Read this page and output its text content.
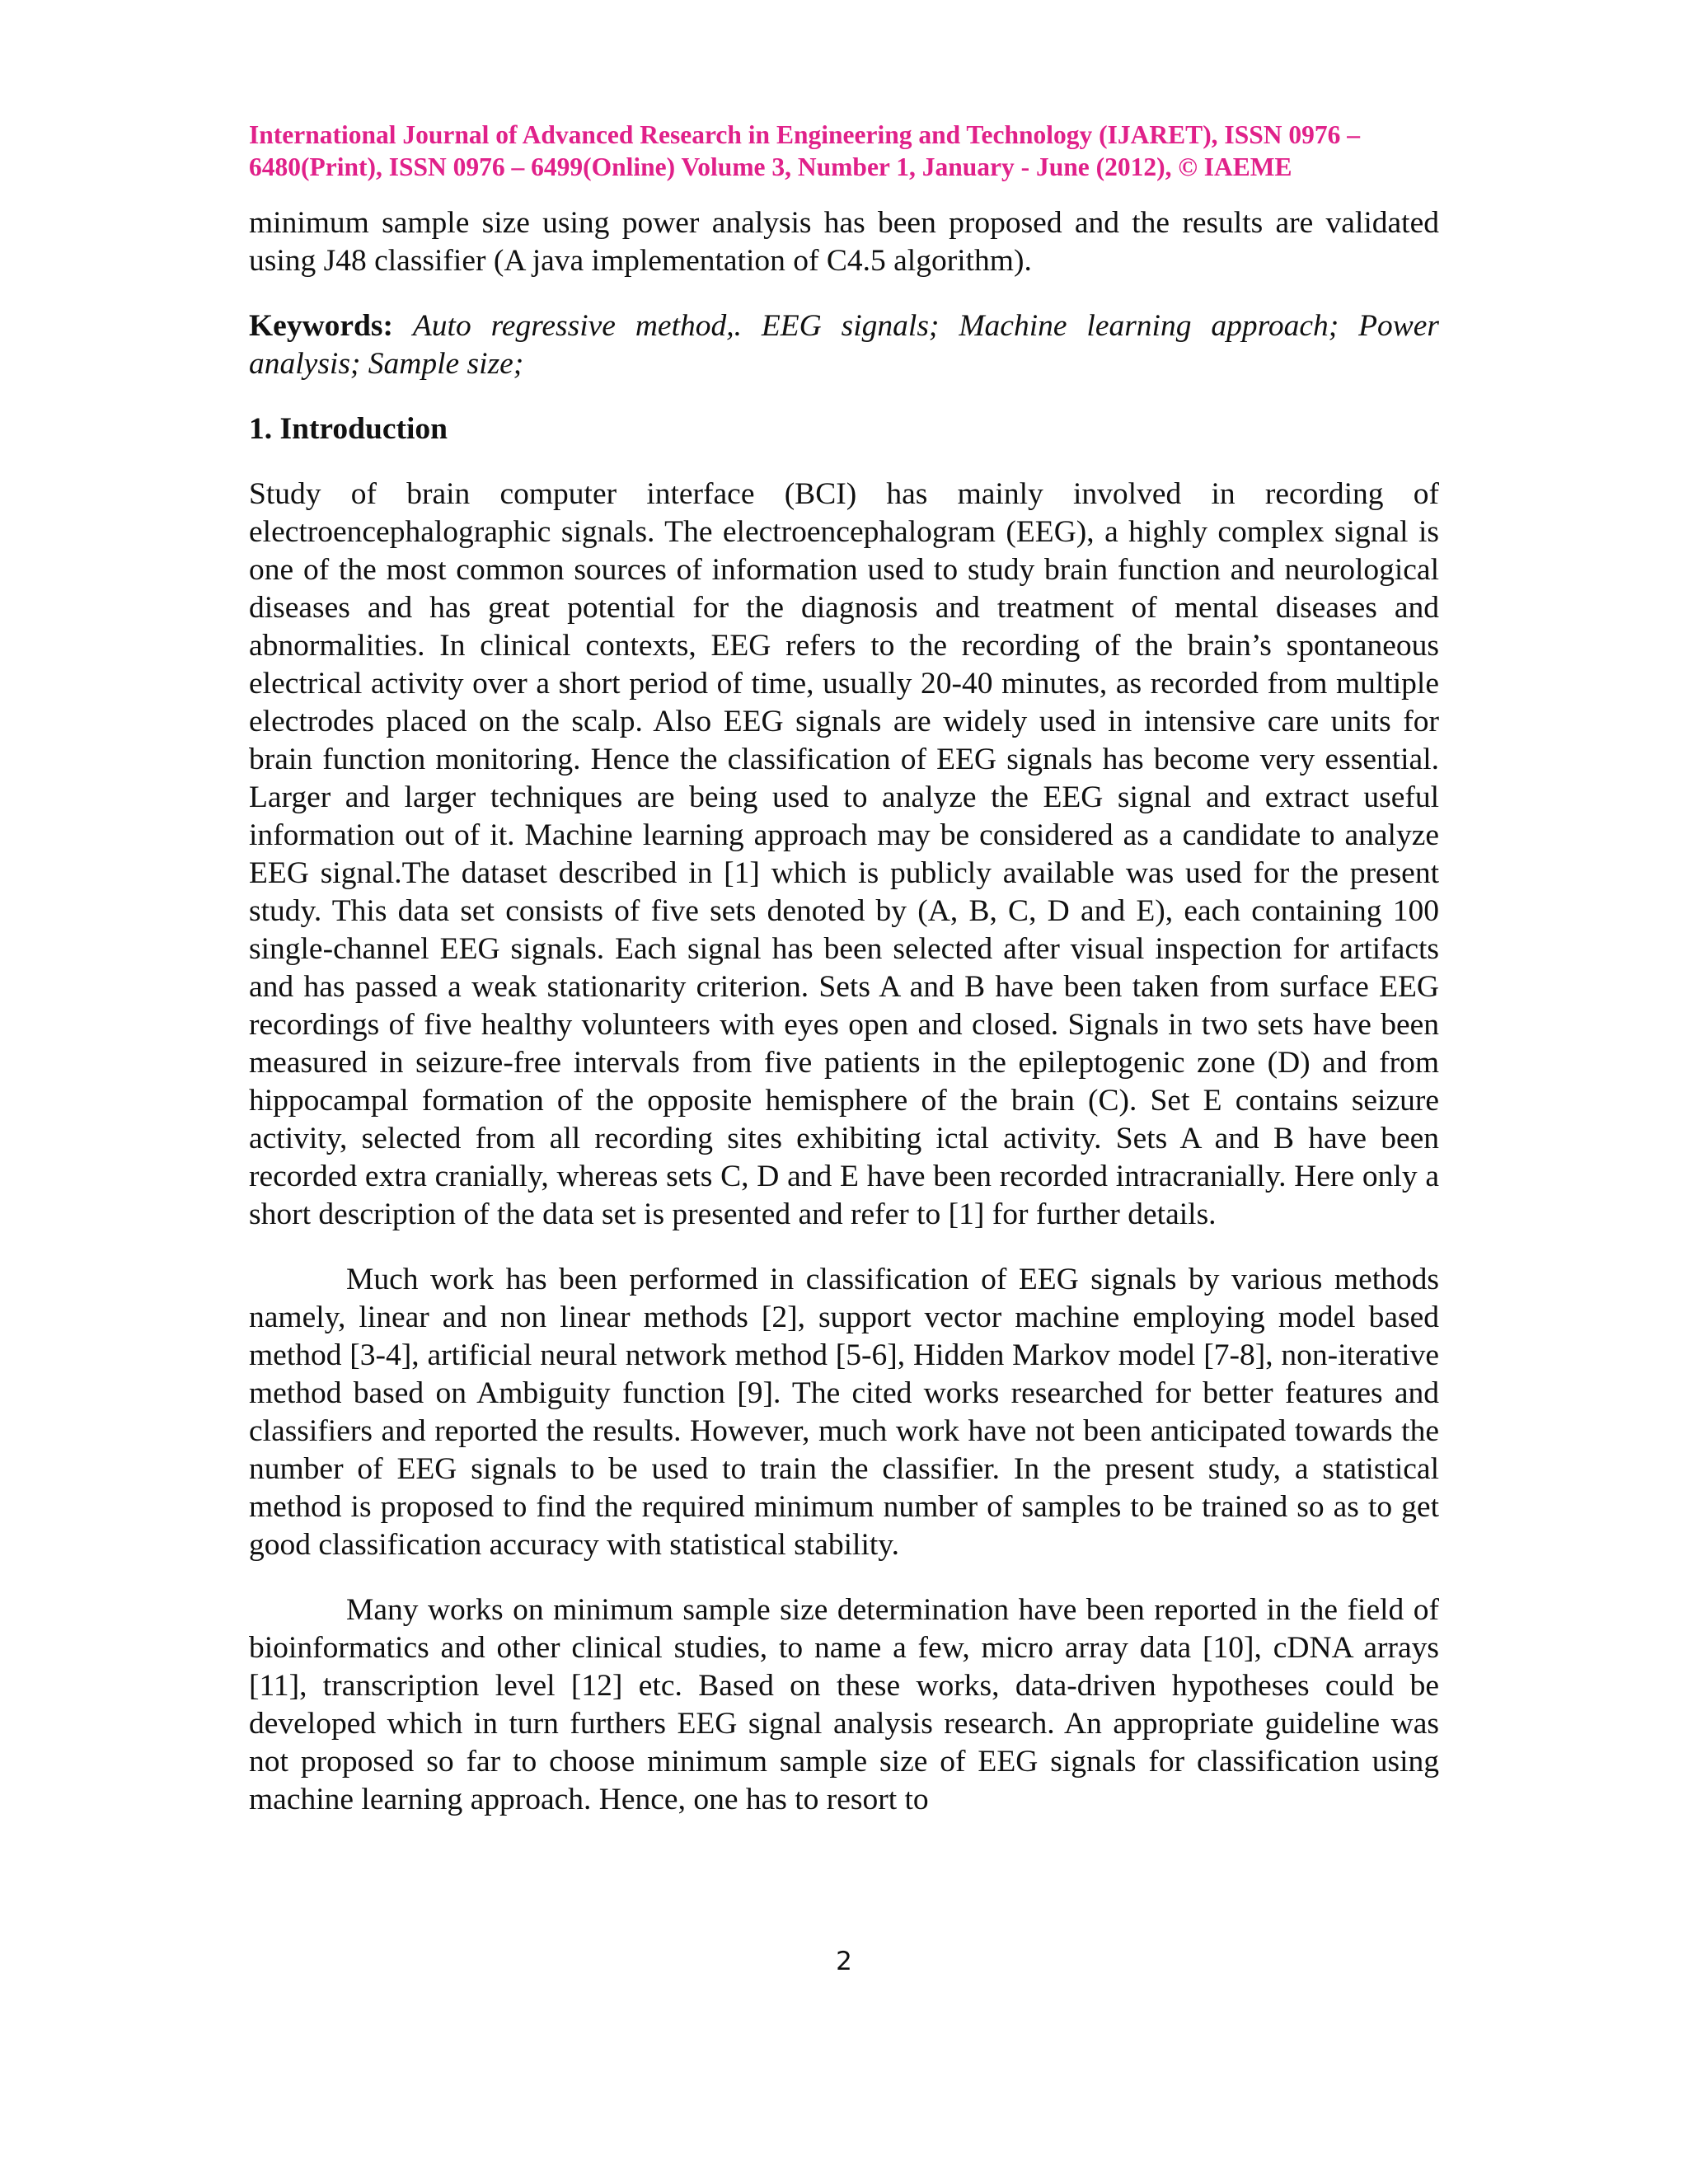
International Journal of Advanced Research in Engineering and Technology (IJARET), ISSN 0976 –
6480(Print), ISSN 0976 – 6499(Online) Volume 3, Number 1, January - June (2012), © IAEME

minimum sample size using power analysis has been proposed and the results are validated using J48 classifier (A java implementation of C4.5 algorithm).

Keywords: Auto regressive method,. EEG signals; Machine learning approach; Power analysis; Sample size;

1. Introduction

Study of brain computer interface (BCI) has mainly involved in recording of electroencephalographic signals. The electroencephalogram (EEG), a highly complex signal is one of the most common sources of information used to study brain function and neurological diseases and has great potential for the diagnosis and treatment of mental diseases and abnormalities. In clinical contexts, EEG refers to the recording of the brain’s spontaneous electrical activity over a short period of time, usually 20-40 minutes, as recorded from multiple electrodes placed on the scalp. Also EEG signals are widely used in intensive care units for brain function monitoring. Hence the classification of EEG signals has become very essential. Larger and larger techniques are being used to analyze the EEG signal and extract useful information out of it. Machine learning approach may be considered as a candidate to analyze EEG signal.The dataset described in [1] which is publicly available was used for the present study. This data set consists of five sets denoted by (A, B, C, D and E), each containing 100 single-channel EEG signals. Each signal has been selected after visual inspection for artifacts and has passed a weak stationarity criterion. Sets A and B have been taken from surface EEG recordings of five healthy volunteers with eyes open and closed. Signals in two sets have been measured in seizure-free intervals from five patients in the epileptogenic zone (D) and from hippocampal formation of the opposite hemisphere of the brain (C). Set E contains seizure activity, selected from all recording sites exhibiting ictal activity. Sets A and B have been recorded extra cranially, whereas sets C, D and E have been recorded intracranially. Here only a short description of the data set is presented and refer to [1] for further details.

Much work has been performed in classification of EEG signals by various methods namely, linear and non linear methods [2], support vector machine employing model based method [3-4], artificial neural network method [5-6], Hidden Markov model [7-8], non-iterative method based on Ambiguity function [9]. The cited works researched for better features and classifiers and reported the results. However, much work have not been anticipated towards the number of EEG signals to be used to train the classifier. In the present study, a statistical method is proposed to find the required minimum number of samples to be trained so as to get good classification accuracy with statistical stability.

Many works on minimum sample size determination have been reported in the field of bioinformatics and other clinical studies, to name a few, micro array data [10], cDNA arrays [11], transcription level [12] etc. Based on these works, data-driven hypotheses could be developed which in turn furthers EEG signal analysis research. An appropriate guideline was not proposed so far to choose minimum sample size of EEG signals for classification using machine learning approach. Hence, one has to resort to

2
